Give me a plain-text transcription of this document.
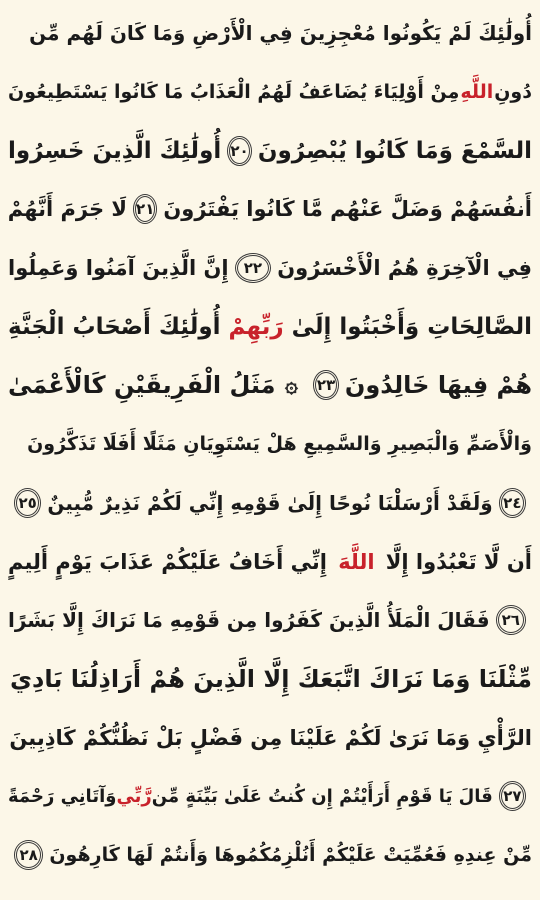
أُولَٰئِكَ لَمْ يَكُونُوا مُعْجِزِينَ فِي الْأَرْضِ وَمَا كَانَ لَهُم مِّن
دُونِ
اللَّهِ
مِنْ أَوْلِيَاءَ يُضَاعَفُ لَهُمُ الْعَذَابُ مَا كَانُوا يَسْتَطِيعُونَ
السَّمْعَ وَمَا كَانُوا يُبْصِرُونَ
٢٠
أُولَٰئِكَ الَّذِينَ خَسِرُوا
أَنفُسَهُمْ وَضَلَّ عَنْهُم مَّا كَانُوا يَفْتَرُونَ
٢١
لَا جَرَمَ أَنَّهُمْ
فِي الْآخِرَةِ هُمُ الْأَخْسَرُونَ
٢٢
إِنَّ الَّذِينَ آمَنُوا وَعَمِلُوا
الصَّالِحَاتِ وَأَخْبَتُوا إِلَىٰ
رَبِّهِمْ
أُولَٰئِكَ أَصْحَابُ الْجَنَّةِ
هُمْ فِيهَا خَالِدُونَ
٢٣
۞
مَثَلُ الْفَرِيقَيْنِ كَالْأَعْمَىٰ
وَالْأَصَمِّ وَالْبَصِيرِ وَالسَّمِيعِ هَلْ يَسْتَوِيَانِ مَثَلًا أَفَلَا تَذَكَّرُونَ
٢٤
وَلَقَدْ أَرْسَلْنَا نُوحًا إِلَىٰ قَوْمِهِ إِنِّي لَكُمْ نَذِيرٌ مُّبِينٌ
٢٥
أَن لَّا تَعْبُدُوا إِلَّا
اللَّهَ
إِنِّي أَخَافُ عَلَيْكُمْ عَذَابَ يَوْمٍ أَلِيمٍ
٢٦
فَقَالَ الْمَلَأُ الَّذِينَ كَفَرُوا مِن قَوْمِهِ مَا نَرَاكَ إِلَّا بَشَرًا
مِّثْلَنَا وَمَا نَرَاكَ اتَّبَعَكَ إِلَّا الَّذِينَ هُمْ أَرَاذِلُنَا بَادِيَ
الرَّأْيِ وَمَا نَرَىٰ لَكُمْ عَلَيْنَا مِن فَضْلٍ بَلْ نَظُنُّكُمْ كَاذِبِينَ
٢٧
قَالَ يَا قَوْمِ أَرَأَيْتُمْ إِن كُنتُ عَلَىٰ بَيِّنَةٍ مِّن
رَّبِّي
وَآتَانِي رَحْمَةً
مِّنْ عِندِهِ فَعُمِّيَتْ عَلَيْكُمْ أَنُلْزِمُكُمُوهَا وَأَنتُمْ لَهَا كَارِهُونَ
٢٨
